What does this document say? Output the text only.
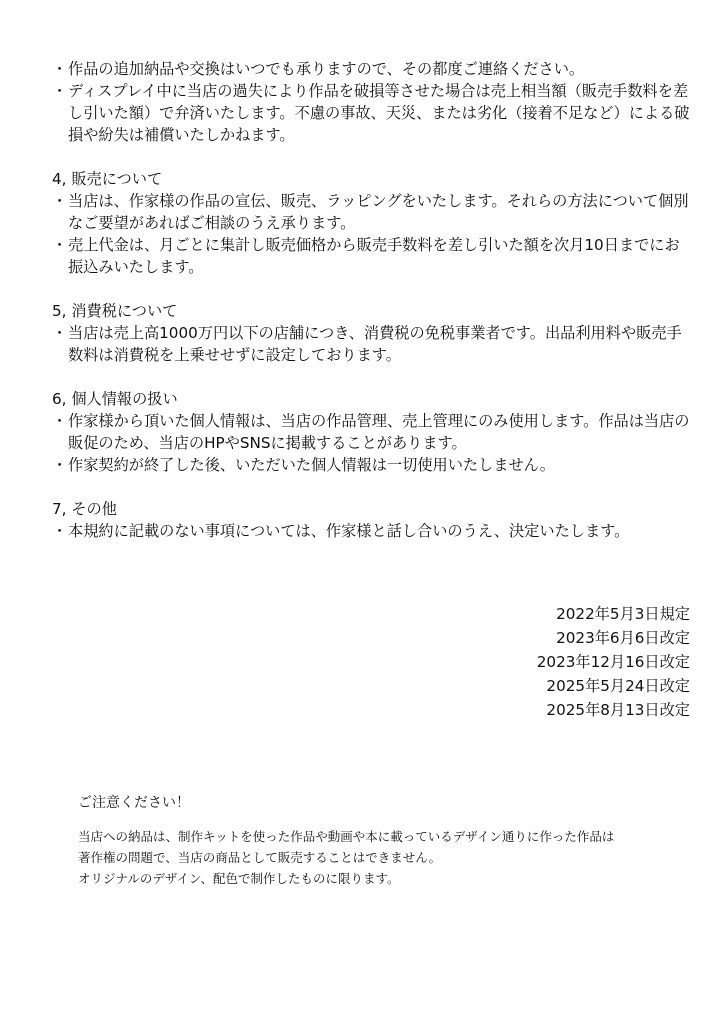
・ 作品の追加納品や交換はいつでも承りますので、その都度ご連絡ください。
・ ディスプレイ中に当店の過失により作品を破損等させた場合は売上相当額（販売手数料を差し引いた額）で弁済いたします。不慮の事故、天災、または劣化（接着不足など）による破損や紛失は補償いたしかねます。
4, 販売について
・ 当店は、作家様の作品の宣伝、販売、ラッピングをいたします。それらの方法について個別なご要望があればご相談のうえ承ります。
・ 売上代金は、月ごとに集計し販売価格から販売手数料を差し引いた額を次月10日までにお振込みいたします。
5, 消費税について
・ 当店は売上高1000万円以下の店舗につき、消費税の免税事業者です。出品利用料や販売手数料は消費税を上乗せせずに設定しております。
6, 個人情報の扱い
・ 作家様から頂いた個人情報は、当店の作品管理、売上管理にのみ使用します。作品は当店の販促のため、当店のHPやSNSに掲載することがあります。
・ 作家契約が終了した後、いただいた個人情報は一切使用いたしません。
7, その他
・ 本規約に記載のない事項については、作家様と話し合いのうえ、決定いたします。
2022年5月3日規定
2023年6月6日改定
2023年12月16日改定
2025年5月24日改定
2025年8月13日改定
ご注意ください！

当店への納品は、制作キットを使った作品や動画や本に載っているデザイン通りに作った作品は

著作権の問題で、当店の商品として販売することはできません。

オリジナルのデザイン、配色で制作したものに限ります。
